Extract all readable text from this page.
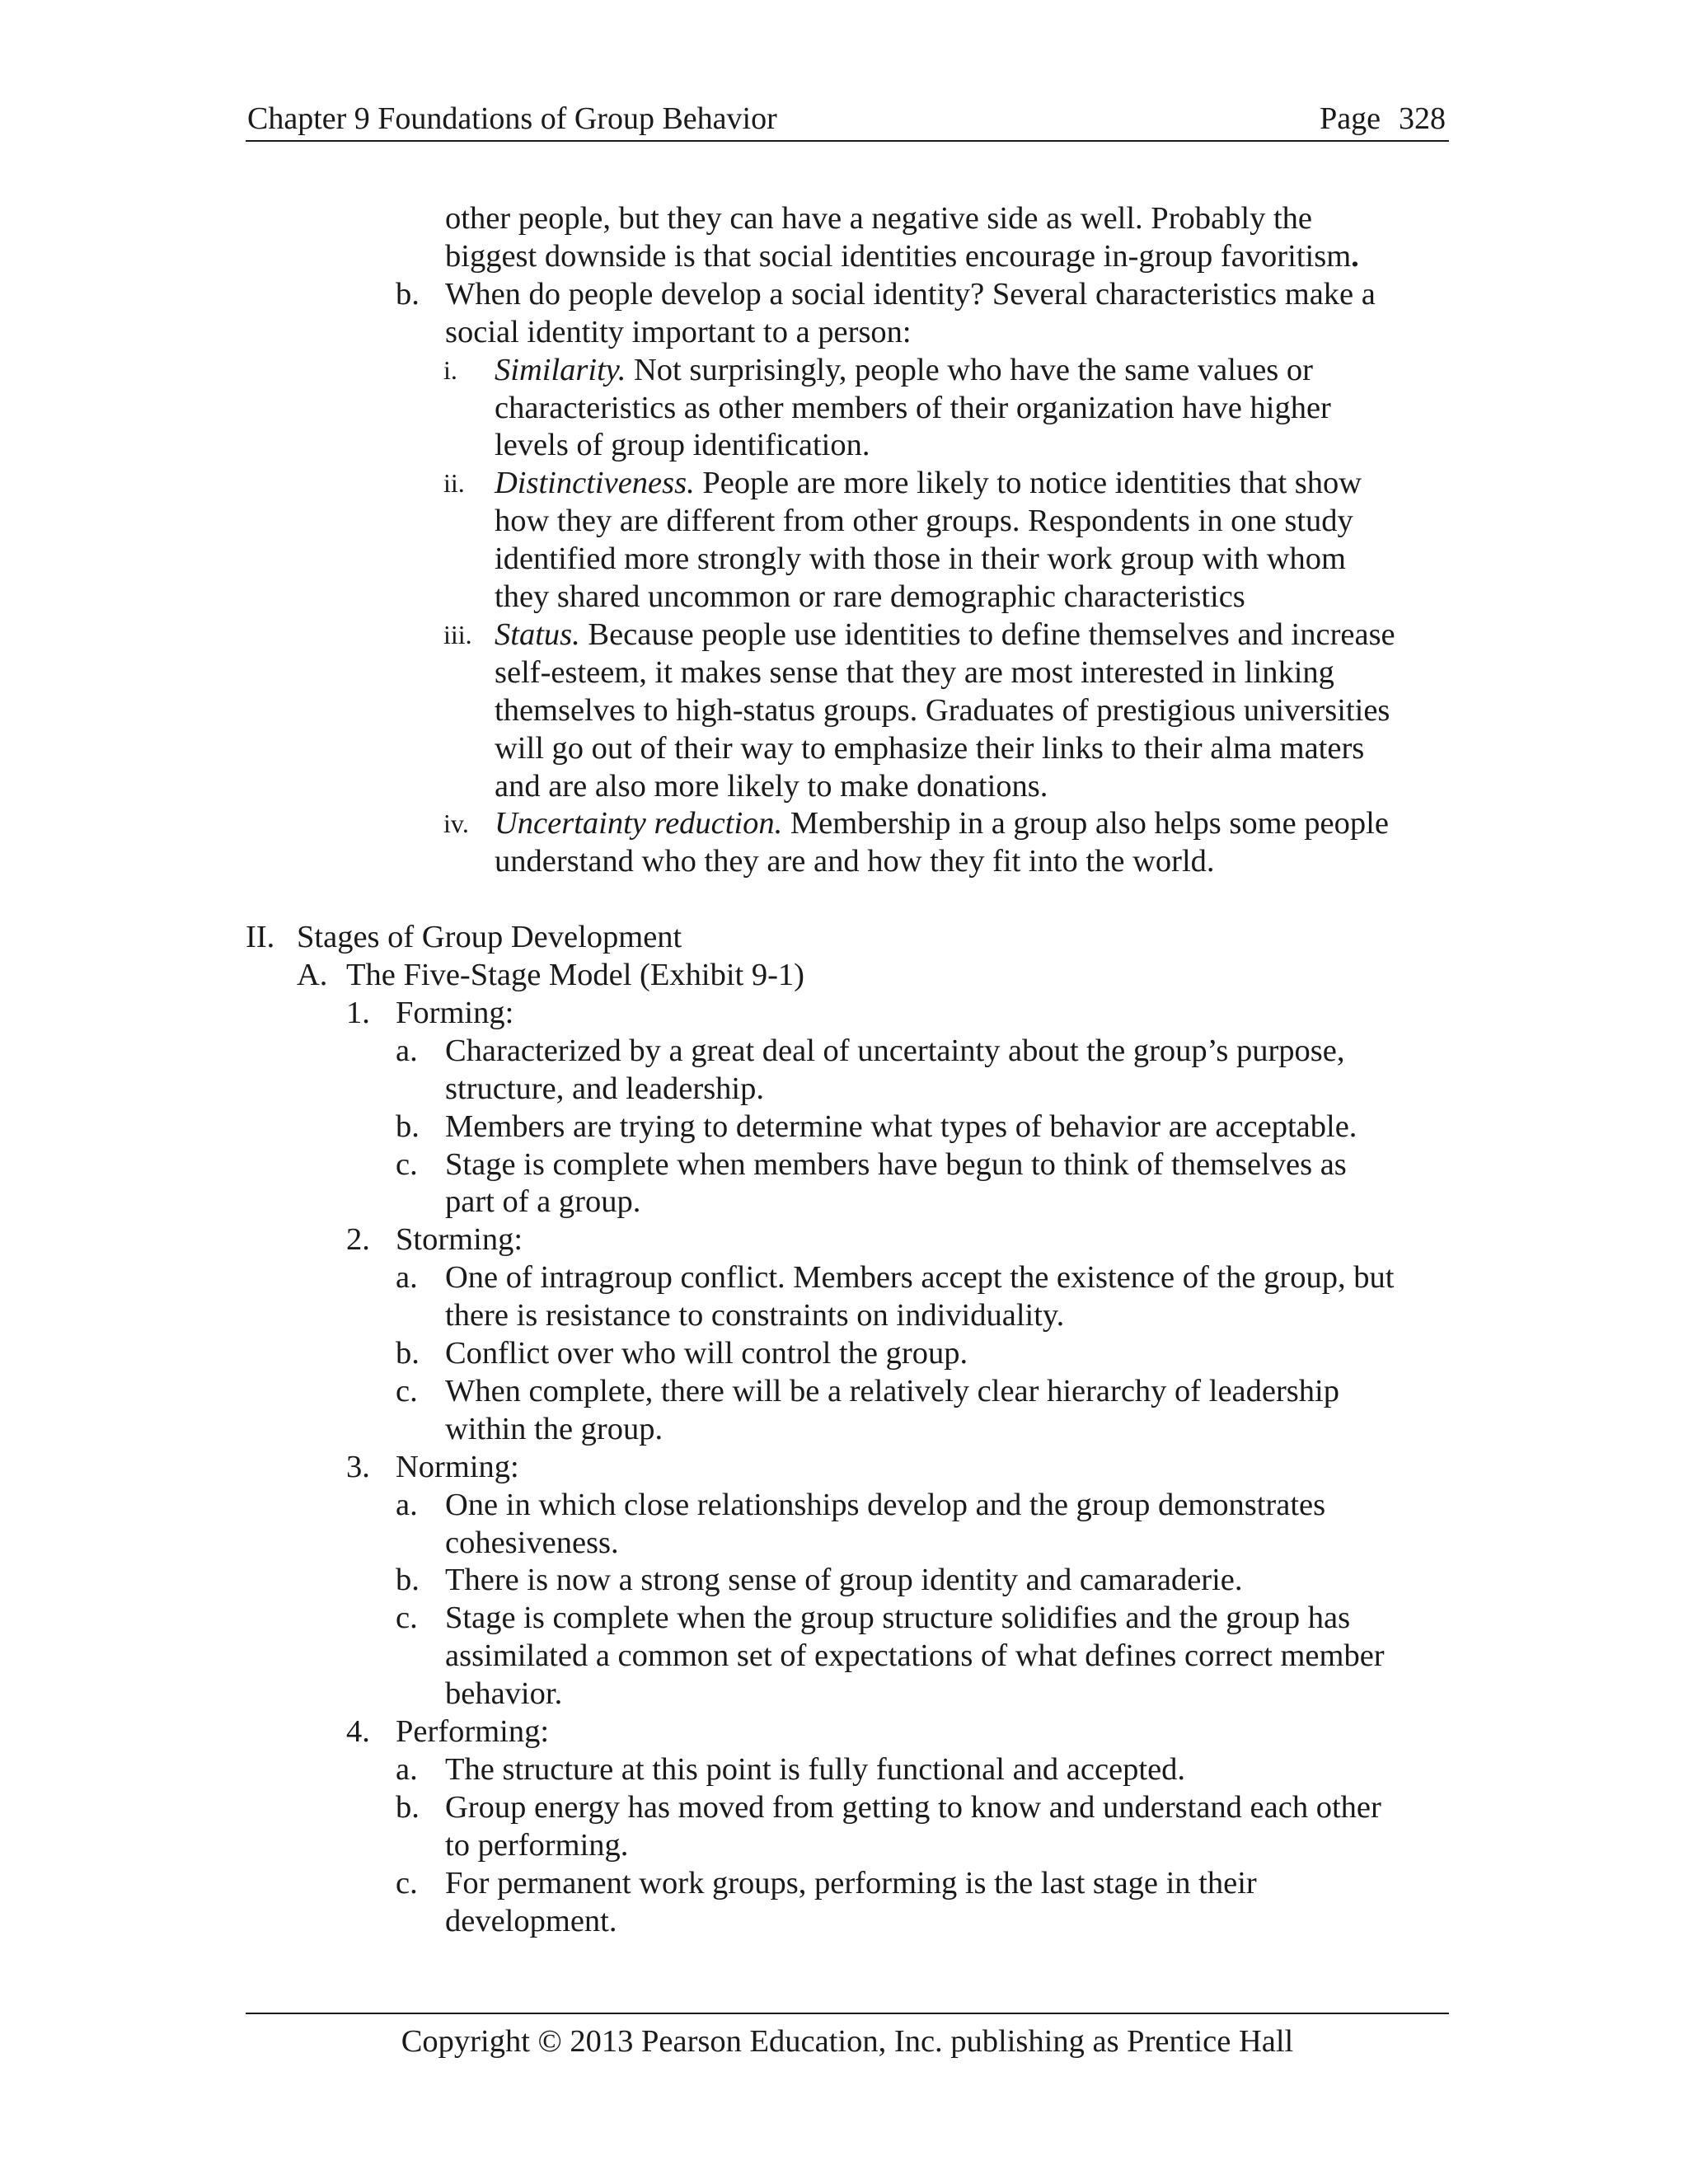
Chapter 9 Foundations of Group Behavior	Page 328
other people, but they can have a negative side as well. Probably the
biggest downside is that social identities encourage in-group favoritism.
b. When do people develop a social identity? Several characteristics make a
social identity important to a person:
i. Similarity. Not surprisingly, people who have the same values or
characteristics as other members of their organization have higher
levels of group identification.
ii. Distinctiveness. People are more likely to notice identities that show
how they are different from other groups. Respondents in one study
identified more strongly with those in their work group with whom
they shared uncommon or rare demographic characteristics
iii. Status. Because people use identities to define themselves and increase
self-esteem, it makes sense that they are most interested in linking
themselves to high-status groups. Graduates of prestigious universities
will go out of their way to emphasize their links to their alma maters
and are also more likely to make donations.
iv. Uncertainty reduction. Membership in a group also helps some people
understand who they are and how they fit into the world.
II. Stages of Group Development
A. The Five-Stage Model (Exhibit 9-1)
1. Forming:
a. Characterized by a great deal of uncertainty about the group’s purpose,
structure, and leadership.
b. Members are trying to determine what types of behavior are acceptable.
c. Stage is complete when members have begun to think of themselves as
part of a group.
2. Storming:
a. One of intragroup conflict. Members accept the existence of the group, but
there is resistance to constraints on individuality.
b. Conflict over who will control the group.
c. When complete, there will be a relatively clear hierarchy of leadership
within the group.
3. Norming:
a. One in which close relationships develop and the group demonstrates
cohesiveness.
b. There is now a strong sense of group identity and camaraderie.
c. Stage is complete when the group structure solidifies and the group has
assimilated a common set of expectations of what defines correct member
behavior.
4. Performing:
a. The structure at this point is fully functional and accepted.
b. Group energy has moved from getting to know and understand each other
to performing.
c. For permanent work groups, performing is the last stage in their
development.
Copyright © 2013 Pearson Education, Inc. publishing as Prentice Hall
